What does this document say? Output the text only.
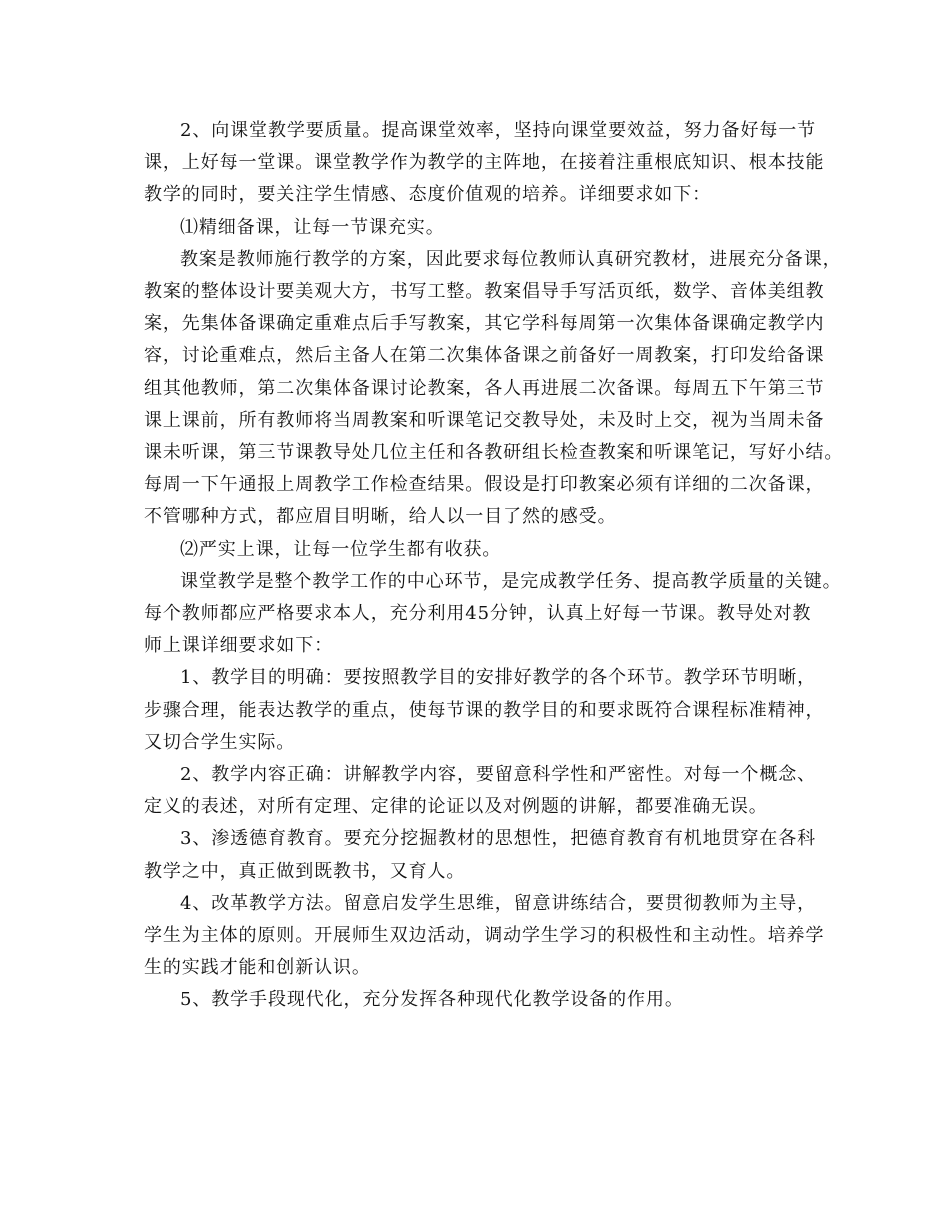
2、向课堂教学要质量。提高课堂效率，坚持向课堂要效益，努力备好每一节
课，上好每一堂课。课堂教学作为教学的主阵地，在接着注重根底知识、根本技能
教学的同时，要关注学生情感、态度价值观的培养。详细要求如下：

⑴精细备课，让每一节课充实。

教案是教师施行教学的方案，因此要求每位教师认真研究教材，进展充分备课，
教案的整体设计要美观大方，书写工整。教案倡导手写活页纸，数学、音体美组教
案，先集体备课确定重难点后手写教案，其它学科每周第一次集体备课确定教学内
容，讨论重难点，然后主备人在第二次集体备课之前备好一周教案，打印发给备课
组其他教师，第二次集体备课讨论教案，各人再进展二次备课。每周五下午第三节
课上课前，所有教师将当周教案和听课笔记交教导处，未及时上交，视为当周未备
课未听课，第三节课教导处几位主任和各教研组长检查教案和听课笔记，写好小结。
每周一下午通报上周教学工作检查结果。假设是打印教案必须有详细的二次备课，
不管哪种方式，都应眉目明晰，给人以一目了然的感受。

⑵严实上课，让每一位学生都有收获。

课堂教学是整个教学工作的中心环节，是完成教学任务、提高教学质量的关键。
每个教师都应严格要求本人，充分利用45分钟，认真上好每一节课。教导处对教
师上课详细要求如下：

1、教学目的明确：要按照教学目的安排好教学的各个环节。教学环节明晰，
步骤合理，能表达教学的重点，使每节课的教学目的和要求既符合课程标准精神，
又切合学生实际。

2、教学内容正确：讲解教学内容，要留意科学性和严密性。对每一个概念、
定义的表述，对所有定理、定律的论证以及对例题的讲解，都要准确无误。

3、渗透德育教育。要充分挖掘教材的思想性，把德育教育有机地贯穿在各科
教学之中，真正做到既教书，又育人。

4、改革教学方法。留意启发学生思维，留意讲练结合，要贯彻教师为主导，
学生为主体的原则。开展师生双边活动，调动学生学习的积极性和主动性。培养学
生的实践才能和创新认识。

5、教学手段现代化，充分发挥各种现代化教学设备的作用。
